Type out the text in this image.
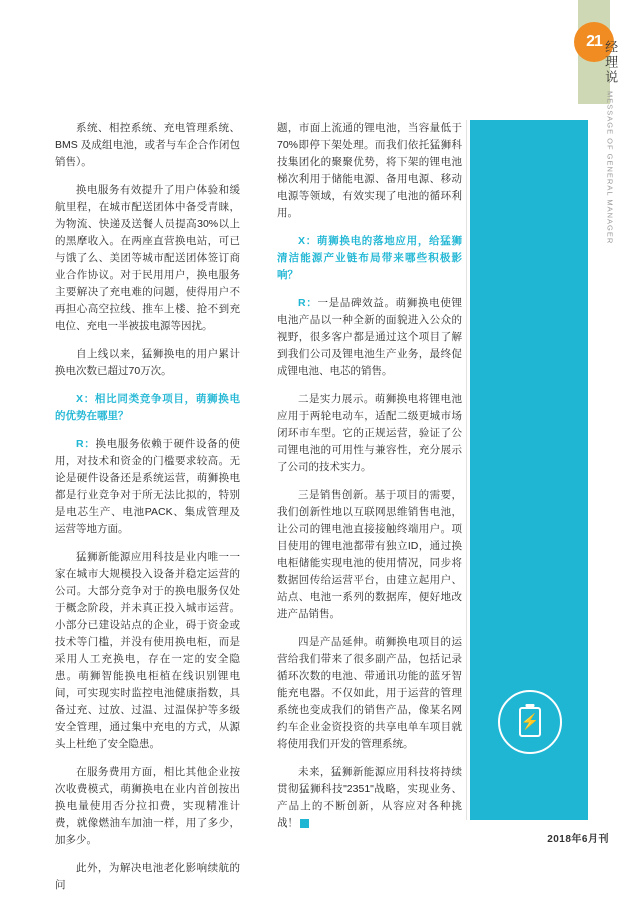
21 经理说
MESSAGE OF GENERAL MANAGER

系统、相控系统、充电管理系统、BMS 及成组电池，或者与车企合作闭包销售）。

换电服务有效提升了用户体验和缓航里程，在城市配送团体中备受青睐，为物流、快递及送餐人员提高30%以上的黑摩收入。在两座直营换电站，可已与饿了么、美团等城市配送团体签订商业合作协议。对于民用用户，换电服务主要解决了充电难的问题，使得用户不再担心高空拉线、推车上楼、抢不到充电位、充电一半被拔电源等因扰。

自上线以来，猛狮换电的用户累计换电次数已超过70万次。

X：相比同类竞争项目，萌狮换电的优势在哪里？

R：换电服务依赖于硬件设备的使用，对技术和资金的门槛要求较高。无论是硬件设备还是系统运营，萌狮换电都是行业竞争对于所无法比拟的，特别是电芯生产、电池PACK、集成管理及运营等地方面。

猛狮新能源应用科技是业内唯一一家在城市大规模投入设备并稳定运营的公司。大部分竞争对于的换电服务仅处于概念阶段，并未真正投入城市运营。小部分已建设站点的企业，碍于资金或技术等门槛，并没有使用换电柜，而是采用人工充换电，存在一定的安全隐患。萌狮智能换电柜植在线识别锂电间，可实现实时监控电池健康指数，具备过充、过放、过温、过温保护等多级安全管理，通过集中充电的方式，从源头上杜绝了安全隐患。

在服务费用方面，相比其他企业按次收费模式，萌狮换电在业内首创按出换电量使用否分拉扣费，实现精准计费，就像燃油车加油一样，用了多少，加多少。

此外，为解决电池老化影响续航的问

题，市面上流通的锂电池，当容量低于70%即停下架处理。而我们依托猛狮科技集团化的聚聚优势，将下架的锂电池梯次利用于储能电源、备用电源、移动电源等领域，有效实现了电池的循环利用。

X：萌狮换电的落地应用，给猛狮清洁能源产业链布局带来哪些积极影响？

R：一是品碑效益。萌狮换电使锂电池产品以一种全新的面貌进入公众的视野，很多客户都是通过这个项目了解到我们公司及锂电池生产业务，最终促成锂电池、电芯的销售。

二是实力展示。萌狮换电将锂电池应用于两轮电动车，适配二级更城市场闭环市车型。它的正规运营，验证了公司锂电池的可用性与兼容性，充分展示了公司的技术实力。

三是销售创新。基于项目的需要，我们创新性地以互联网思维销售电池，让公司的锂电池直接接触终端用户。项目使用的锂电池都带有独立ID，通过换电柜储能实现电池的使用情况，同步将数据回传给运营平台，由建立起用户、站点、电池一系列的数据库，便好地改进产品销售。

四是产品延伸。萌狮换电项目的运营给我们带来了很多副产品，包括记录循环次数的电池、带通讯功能的蓝牙智能充电器。不仅如此，用于运营的管理系统也变成我们的销售产品，像某名网约车企业金资投资的共享电单车项目就将使用我们开发的管理系统。

未来，猛狮新能源应用科技将持续贯彻猛狮科技"2351"战略，实现业务、产品上的不断创新，从容应对各种挑战！	■

⚡
2018年6月刊
